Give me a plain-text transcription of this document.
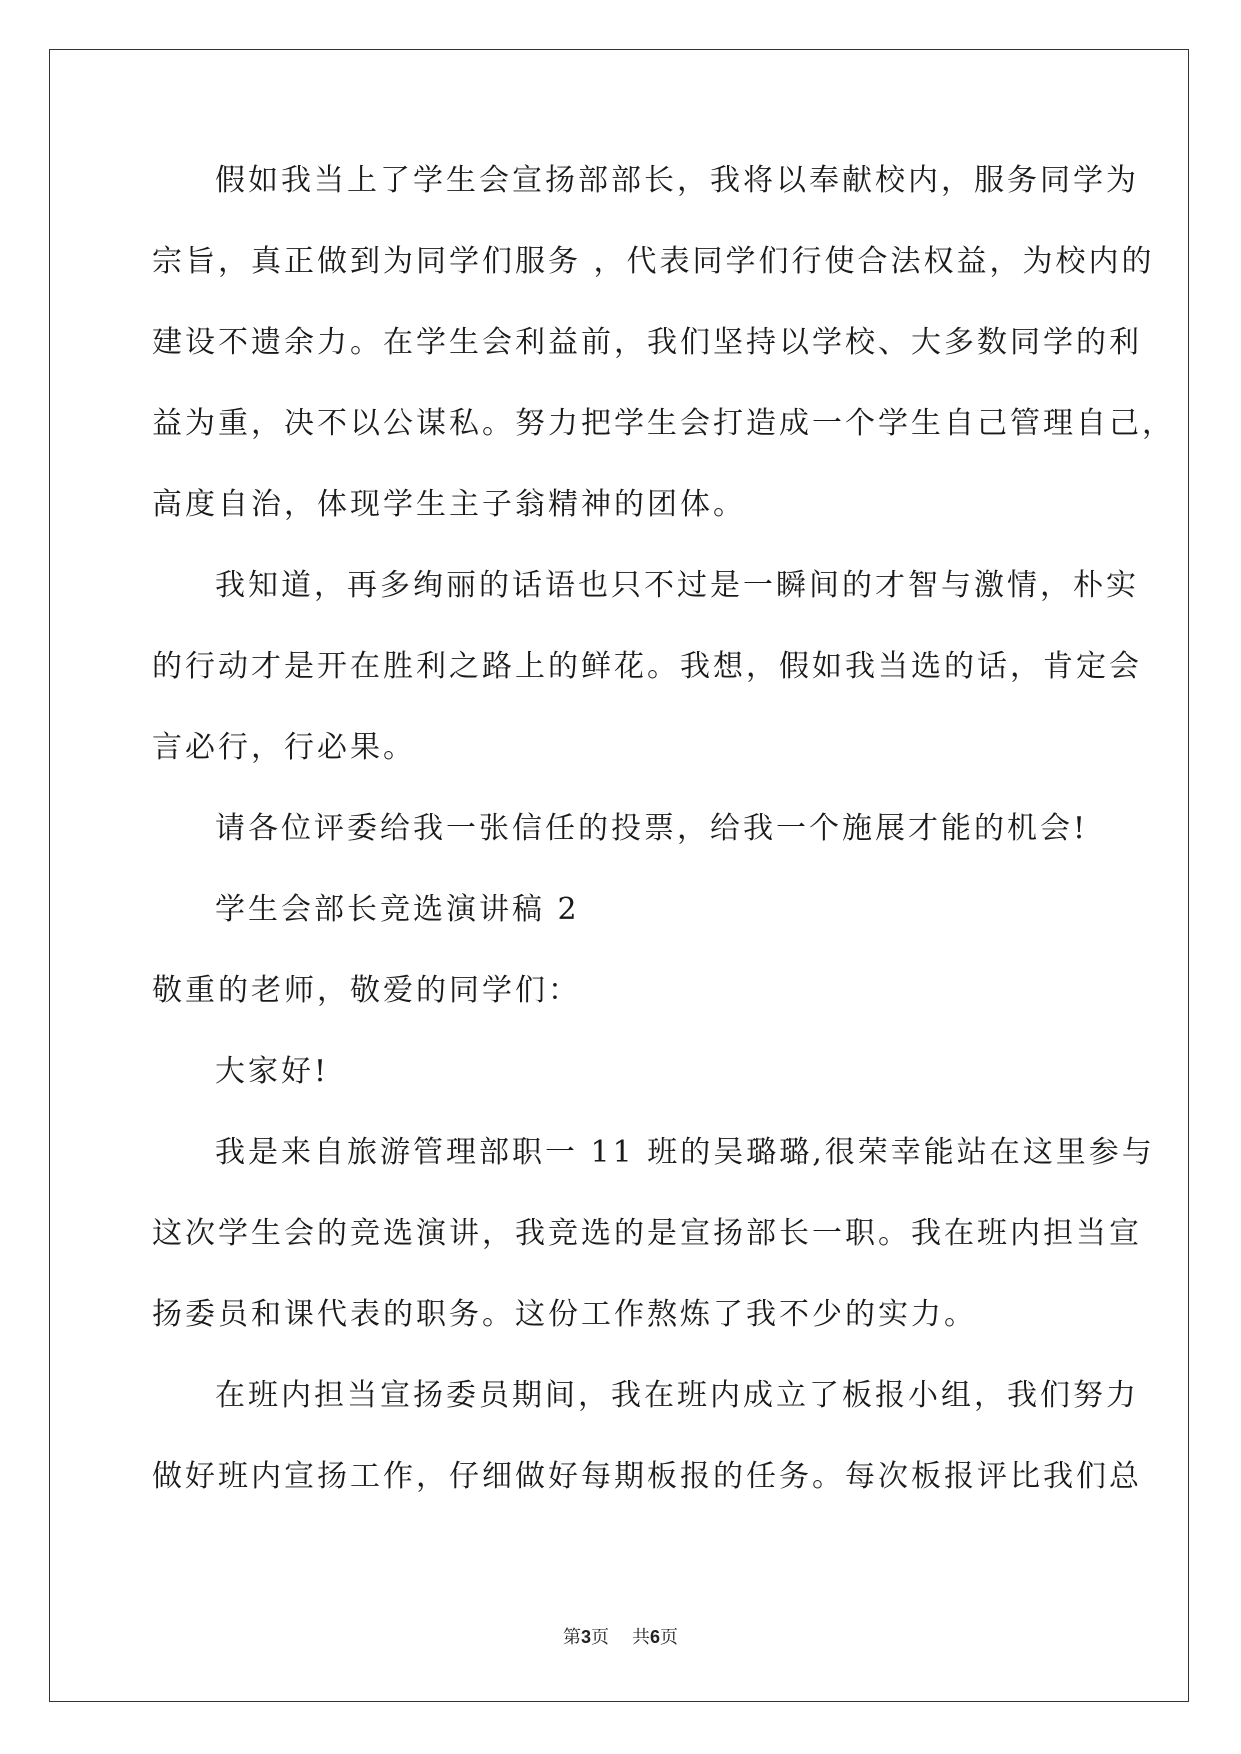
假如我当上了学生会宣扬部部长，我将以奉献校内，服务同学为
宗旨，真正做到为同学们服务 ，代表同学们行使合法权益，为校内的
建设不遗余力。在学生会利益前，我们坚持以学校、大多数同学的利
益为重，决不以公谋私。努力把学生会打造成一个学生自己管理自己，
高度自治，体现学生主子翁精神的团体。
我知道，再多绚丽的话语也只不过是一瞬间的才智与激情，朴实
的行动才是开在胜利之路上的鲜花。我想，假如我当选的话，肯定会
言必行，行必果。
请各位评委给我一张信任的投票，给我一个施展才能的机会!
学生会部长竞选演讲稿 2
敬重的老师，敬爱的同学们：
大家好!
我是来自旅游管理部职一 11 班的吴璐璐,很荣幸能站在这里参与
这次学生会的竞选演讲，我竞选的是宣扬部长一职。我在班内担当宣
扬委员和课代表的职务。这份工作熬炼了我不少的实力。
在班内担当宣扬委员期间，我在班内成立了板报小组，我们努力
做好班内宣扬工作，仔细做好每期板报的任务。每次板报评比我们总
第3页 共6页
